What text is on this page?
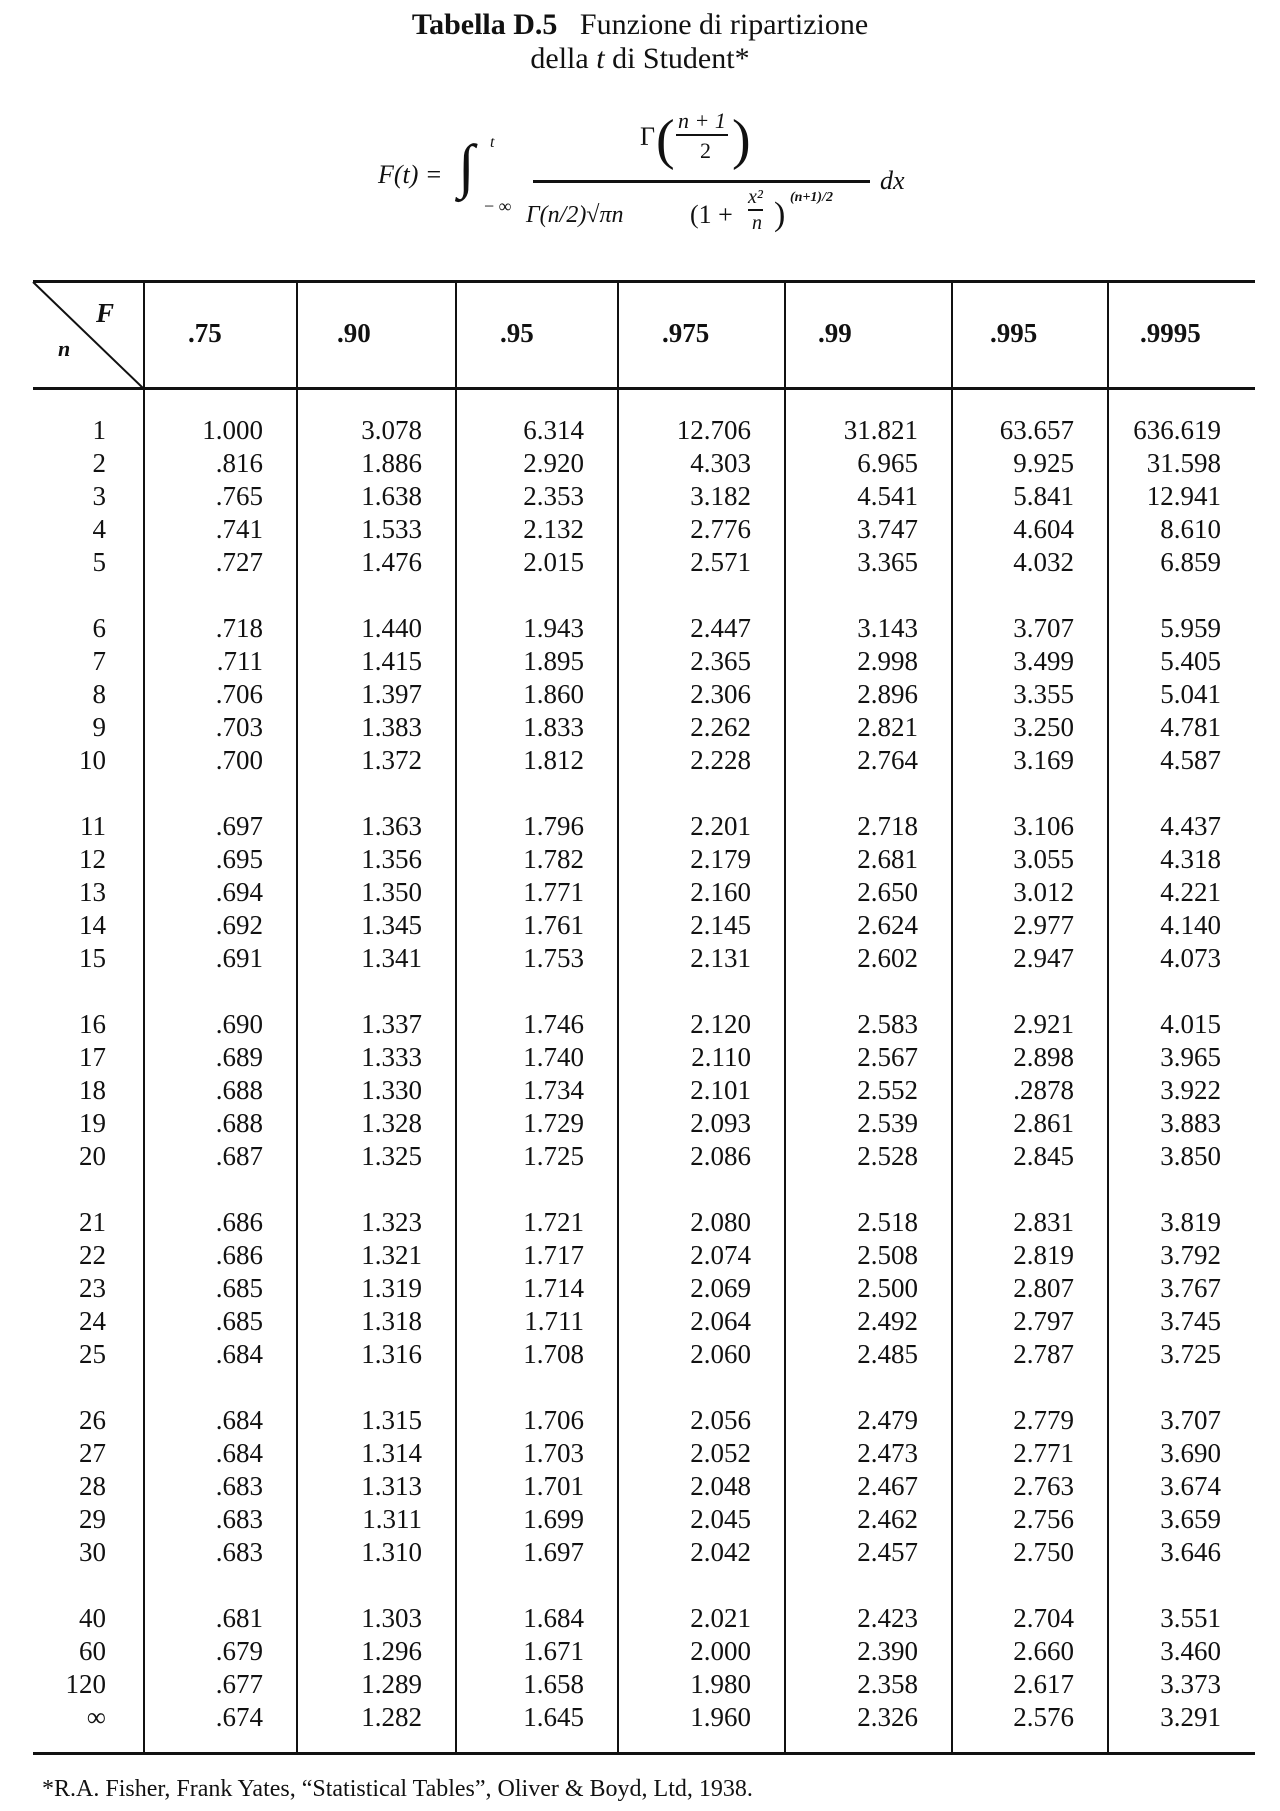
Tabella D.5 Funzione di ripartizione
della t di Student*
F(t) = ∫ t
− ∞
Γ ( n + 1
2 )
Γ(n/2)√πn	(1 +
x²
n ) (n+1)/2
dx
F
n
.75	.90	.95	.975	.99	.995	.9995
1	1.000	3.078	6.314	12.706	31.821	63.657	636.619
2	.816	1.886	2.920	4.303	6.965	9.925	31.598
3	.765	1.638	2.353	3.182	4.541	5.841	12.941
4	.741	1.533	2.132	2.776	3.747	4.604	8.610
5	.727	1.476	2.015	2.571	3.365	4.032	6.859

6	.718	1.440	1.943	2.447	3.143	3.707	5.959
7	.711	1.415	1.895	2.365	2.998	3.499	5.405
8	.706	1.397	1.860	2.306	2.896	3.355	5.041
9	.703	1.383	1.833	2.262	2.821	3.250	4.781
10	.700	1.372	1.812	2.228	2.764	3.169	4.587

11	.697	1.363	1.796	2.201	2.718	3.106	4.437
12	.695	1.356	1.782	2.179	2.681	3.055	4.318
13	.694	1.350	1.771	2.160	2.650	3.012	4.221
14	.692	1.345	1.761	2.145	2.624	2.977	4.140
15	.691	1.341	1.753	2.131	2.602	2.947	4.073

16	.690	1.337	1.746	2.120	2.583	2.921	4.015
17	.689	1.333	1.740	2.110	2.567	2.898	3.965
18	.688	1.330	1.734	2.101	2.552	.2878	3.922
19	.688	1.328	1.729	2.093	2.539	2.861	3.883
20	.687	1.325	1.725	2.086	2.528	2.845	3.850

21	.686	1.323	1.721	2.080	2.518	2.831	3.819
22	.686	1.321	1.717	2.074	2.508	2.819	3.792
23	.685	1.319	1.714	2.069	2.500	2.807	3.767
24	.685	1.318	1.711	2.064	2.492	2.797	3.745
25	.684	1.316	1.708	2.060	2.485	2.787	3.725

26	.684	1.315	1.706	2.056	2.479	2.779	3.707
27	.684	1.314	1.703	2.052	2.473	2.771	3.690
28	.683	1.313	1.701	2.048	2.467	2.763	3.674
29	.683	1.311	1.699	2.045	2.462	2.756	3.659
30	.683	1.310	1.697	2.042	2.457	2.750	3.646

40	.681	1.303	1.684	2.021	2.423	2.704	3.551
60	.679	1.296	1.671	2.000	2.390	2.660	3.460
120	.677	1.289	1.658	1.980	2.358	2.617	3.373
∞	.674	1.282	1.645	1.960	2.326	2.576	3.291
*R.A. Fisher, Frank Yates, “Statistical Tables”, Oliver & Boyd, Ltd, 1938.
